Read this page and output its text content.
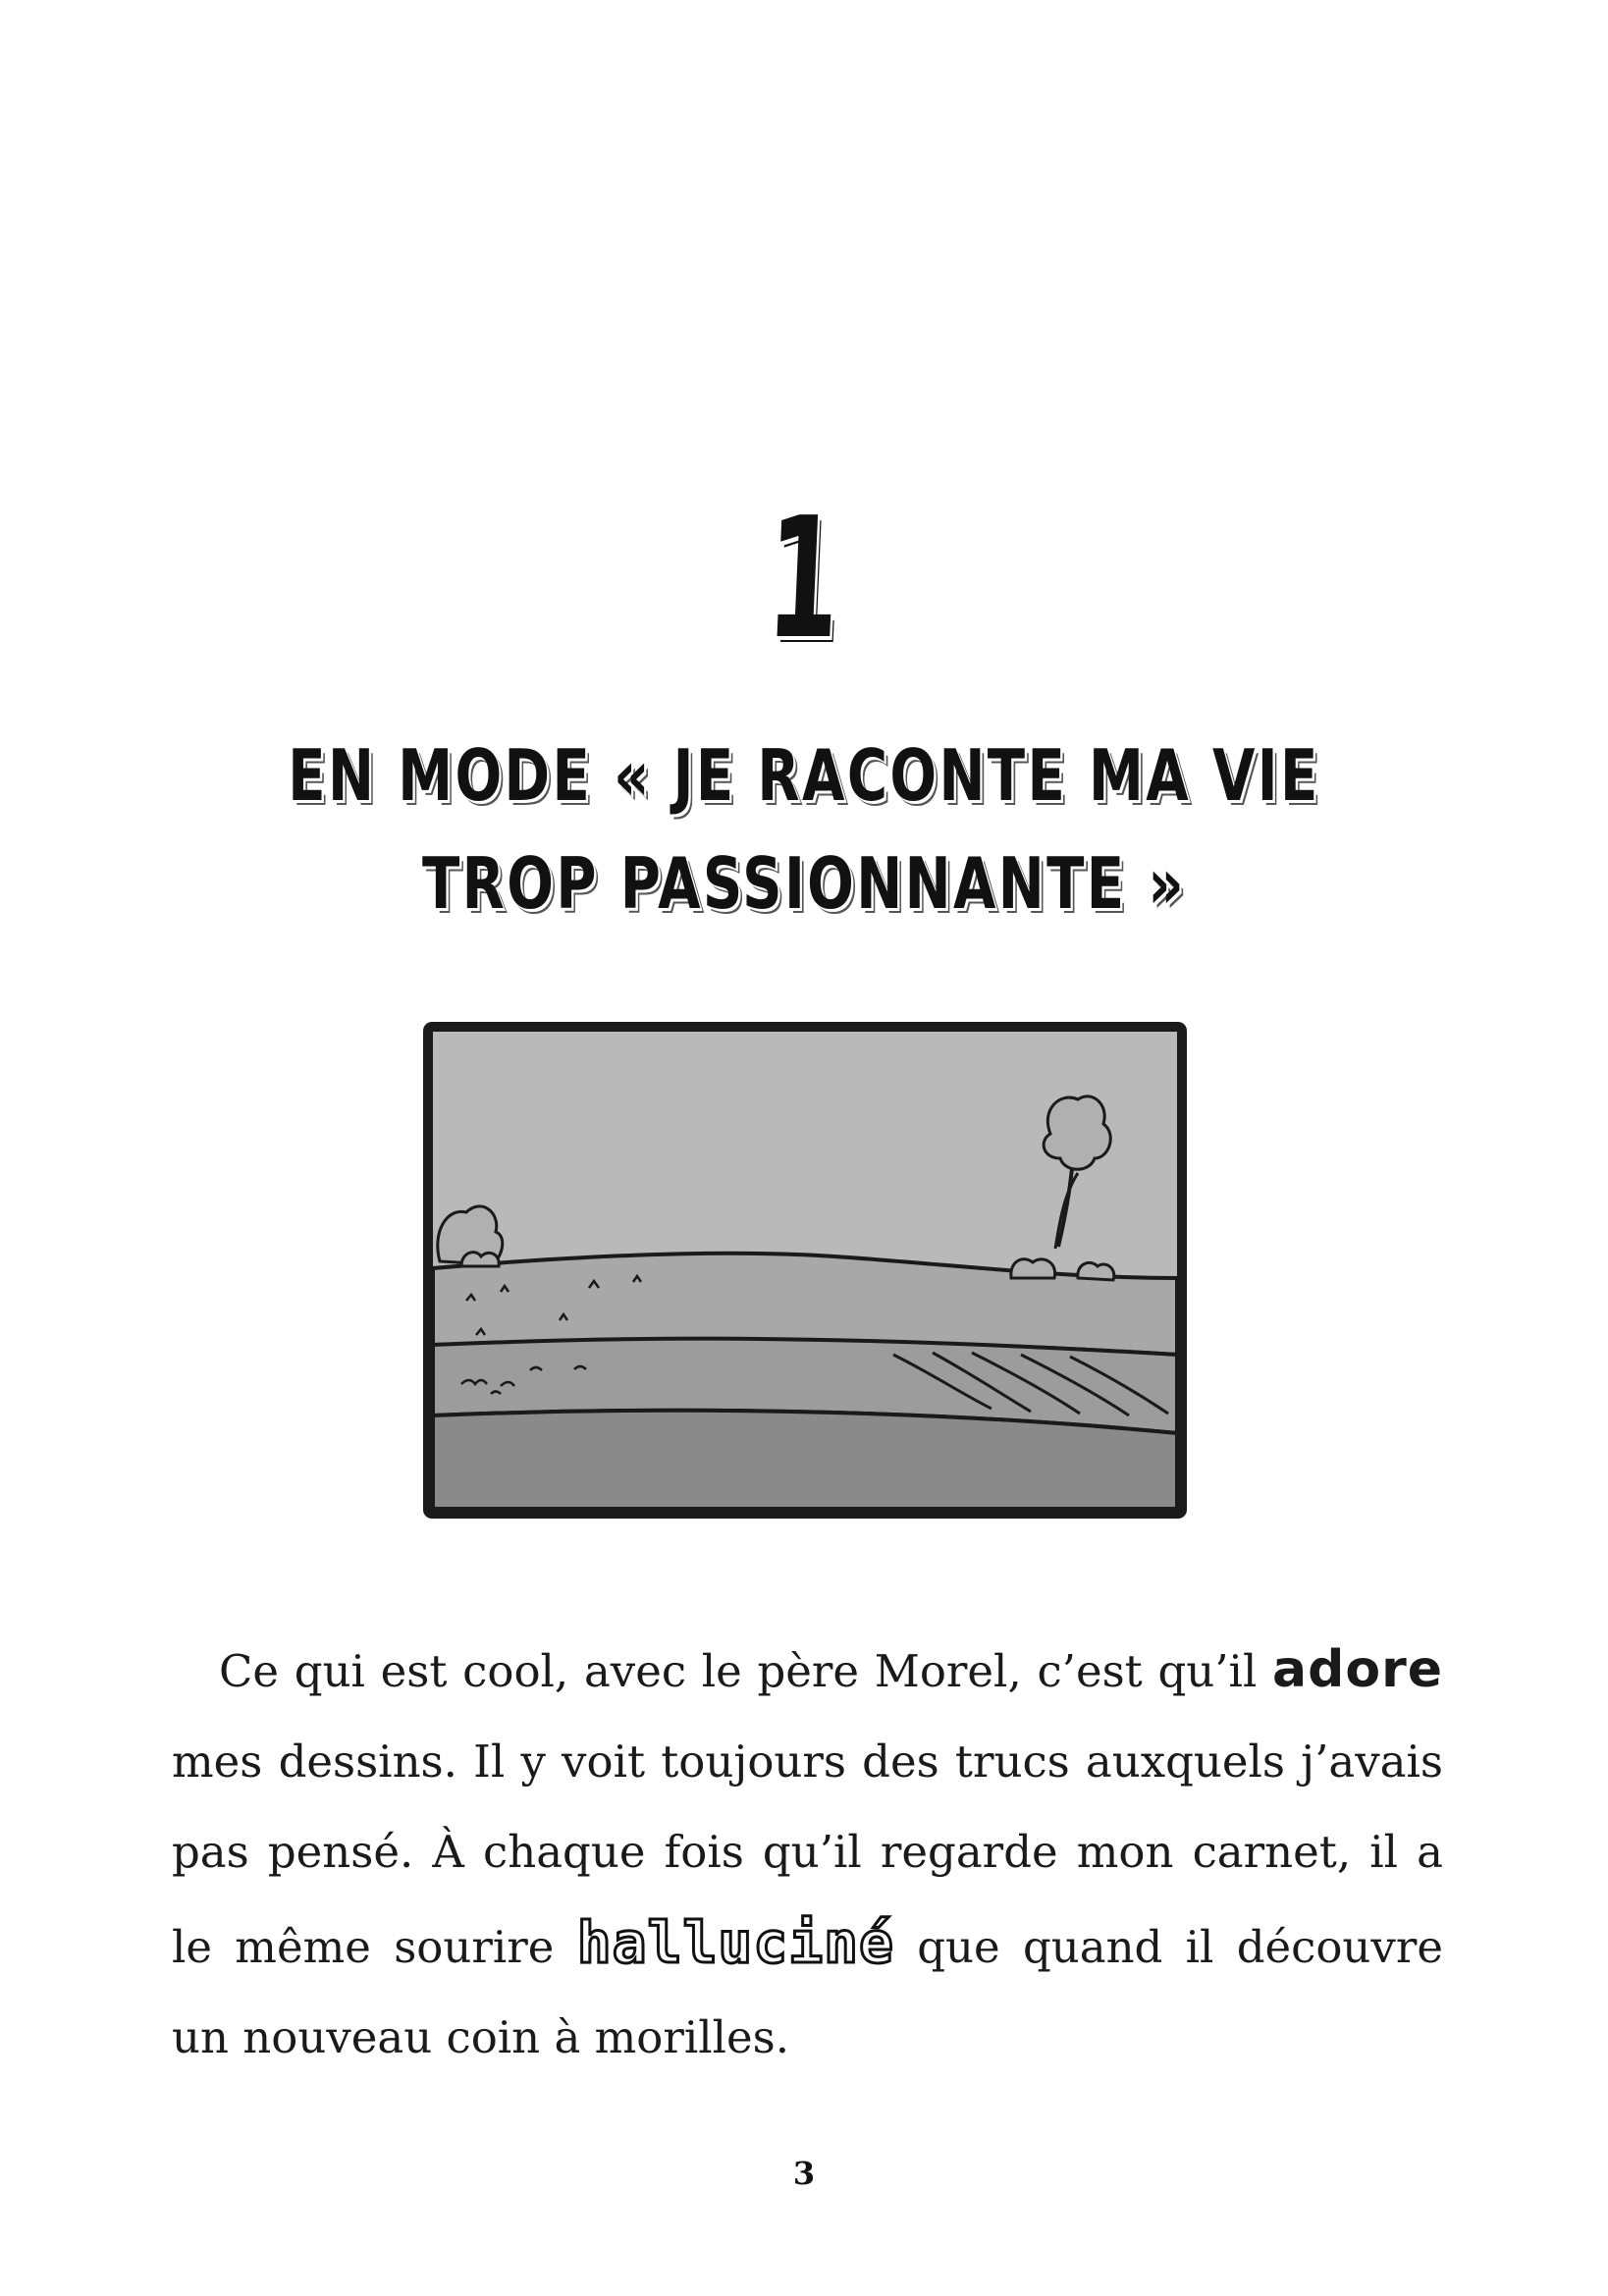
1
EN MODE « JE RACONTE MA VIE
TROP PASSIONNANTE »

Ce qui est cool, avec le père Morel, c’est qu’il adore mes dessins. Il y voit toujours des trucs auxquels j’avais pas pensé. À chaque fois qu’il regarde mon carnet, il a le même sourire halluciné que quand il découvre un nouveau coin à morilles.

3
